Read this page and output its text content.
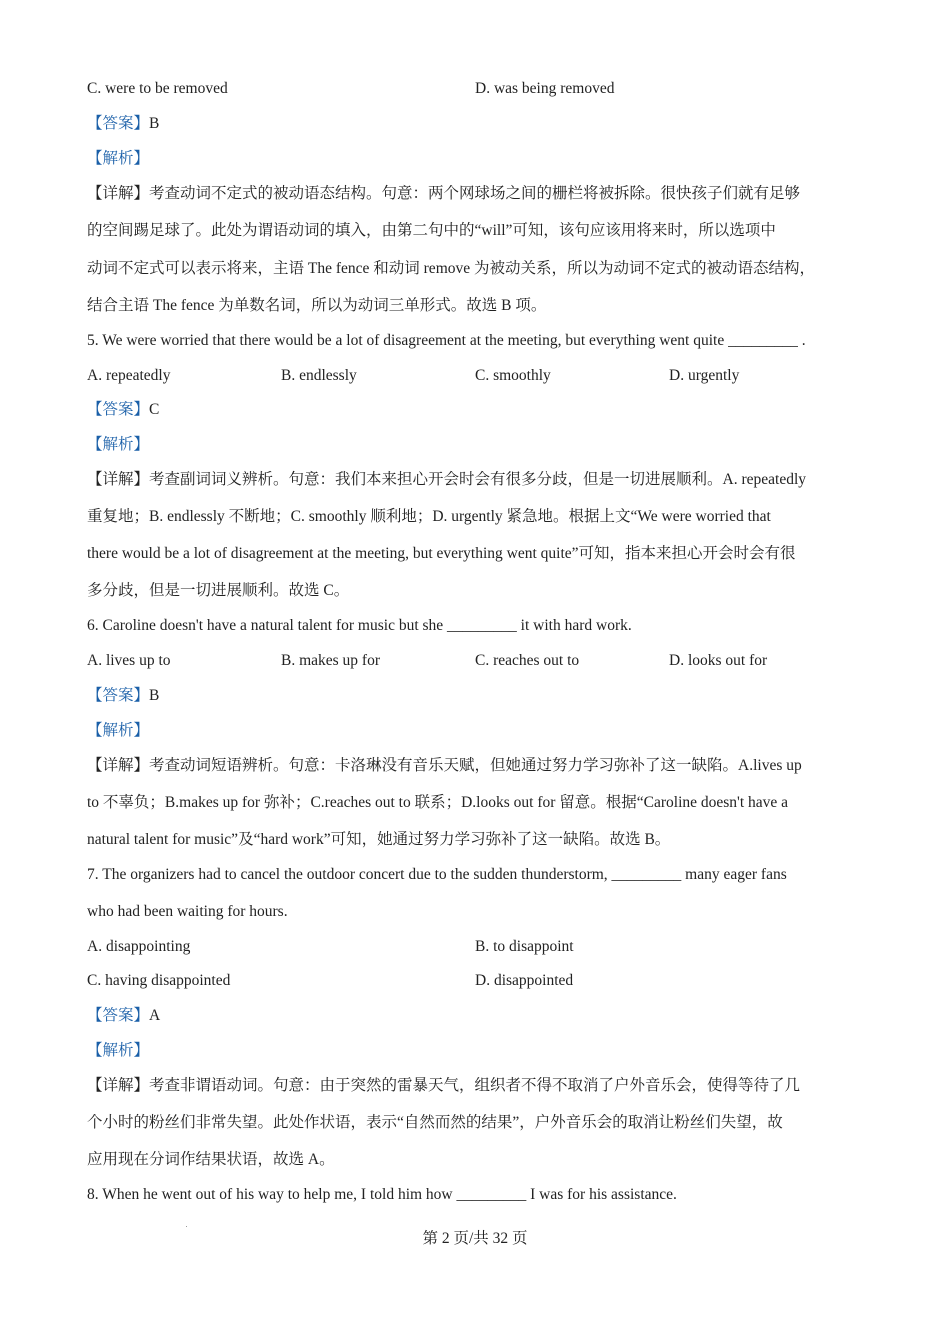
C. were to be removed	D. was being removed
【答案】B
【解析】
【详解】考查动词不定式的被动语态结构。句意：两个网球场之间的栅栏将被拆除。很快孩子们就有足够
的空间踢足球了。此处为谓语动词的填入，由第二句中的“will”可知，该句应该用将来时，所以选项中
动词不定式可以表示将来，主语 The fence 和动词 remove 为被动关系，所以为动词不定式的被动语态结构，
结合主语 The fence 为单数名词，所以为动词三单形式。故选 B 项。
5. We were worried that there would be a lot of disagreement at the meeting, but everything went quite _________ .
A. repeatedly	B. endlessly	C. smoothly	D. urgently
【答案】C
【解析】
【详解】考查副词词义辨析。句意：我们本来担心开会时会有很多分歧，但是一切进展顺利。A. repeatedly
重复地；B. endlessly 不断地；C. smoothly 顺利地；D. urgently 紧急地。根据上文“We were worried that
there would be a lot of disagreement at the meeting, but everything went quite”可知，指本来担心开会时会有很
多分歧，但是一切进展顺利。故选 C。
6. Caroline doesn't have a natural talent for music but she _________ it with hard work.
A. lives up to	B. makes up for	C. reaches out to	D. looks out for
【答案】B
【解析】
【详解】考查动词短语辨析。句意：卡洛琳没有音乐天赋，但她通过努力学习弥补了这一缺陷。A.lives up
to 不辜负；B.makes up for 弥补；C.reaches out to 联系；D.looks out for 留意。根据“Caroline doesn't have a
natural talent for music”及“hard work”可知，她通过努力学习弥补了这一缺陷。故选 B。
7. The organizers had to cancel the outdoor concert due to the sudden thunderstorm, _________ many eager fans
who had been waiting for hours.
A. disappointing	B. to disappoint
C. having disappointed	D. disappointed
【答案】A
【解析】
【详解】考查非谓语动词。句意：由于突然的雷暴天气，组织者不得不取消了户外音乐会，使得等待了几
个小时的粉丝们非常失望。此处作状语，表示“自然而然的结果”，户外音乐会的取消让粉丝们失望，故
应用现在分词作结果状语，故选 A。
8. When he went out of his way to help me, I told him how _________ I was for his assistance.
第 2 页/共 32 页
